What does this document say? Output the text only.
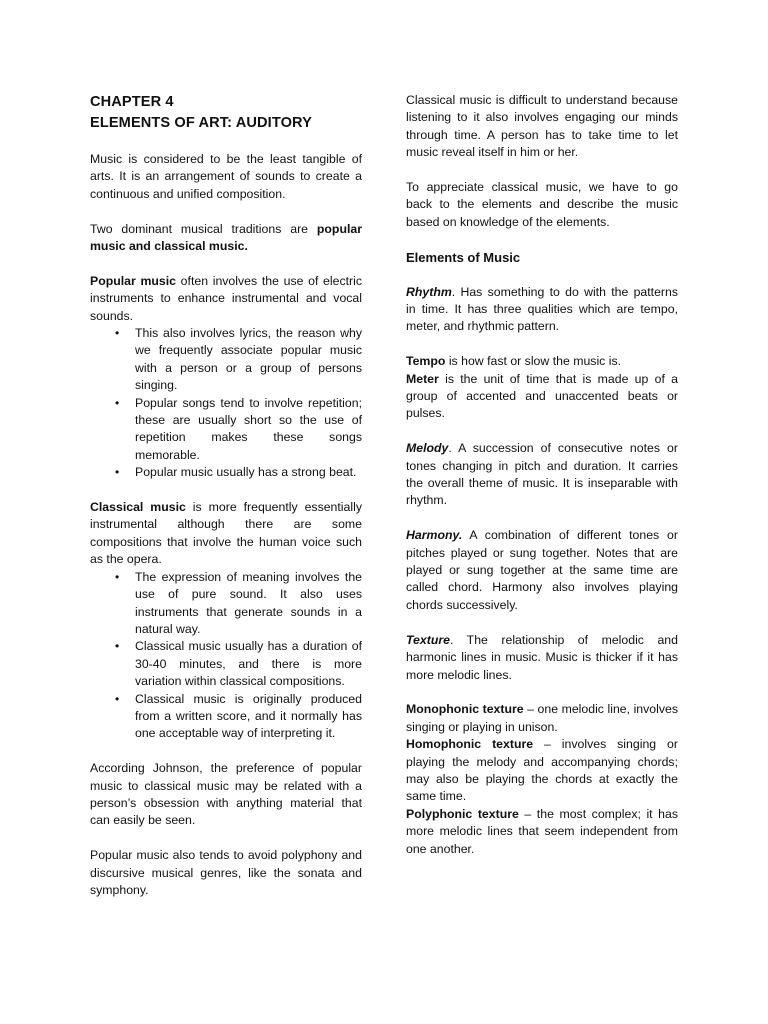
CHAPTER 4
ELEMENTS OF ART: AUDITORY

Music is considered to be the least tangible of arts. It is an arrangement of sounds to create a continuous and unified composition.

Two dominant musical traditions are popular music and classical music.

Popular music often involves the use of electric instruments to enhance instrumental and vocal sounds.

• This also involves lyrics, the reason why we frequently associate popular music with a person or a group of persons singing.
• Popular songs tend to involve repetition; these are usually short so the use of repetition makes these songs memorable.
• Popular music usually has a strong beat.

Classical music is more frequently essentially instrumental although there are some compositions that involve the human voice such as the opera.

• The expression of meaning involves the use of pure sound. It also uses instruments that generate sounds in a natural way.
• Classical music usually has a duration of 30-40 minutes, and there is more variation within classical compositions.
• Classical music is originally produced from a written score, and it normally has one acceptable way of interpreting it.

According Johnson, the preference of popular music to classical music may be related with a person’s obsession with anything material that can easily be seen.

Popular music also tends to avoid polyphony and discursive musical genres, like the sonata and symphony.

Classical music is difficult to understand because listening to it also involves engaging our minds through time. A person has to take time to let music reveal itself in him or her.

To appreciate classical music, we have to go back to the elements and describe the music based on knowledge of the elements.

Elements of Music

Rhythm. Has something to do with the patterns in time. It has three qualities which are tempo, meter, and rhythmic pattern.

Tempo is how fast or slow the music is.

Meter is the unit of time that is made up of a group of accented and unaccented beats or pulses.

Melody. A succession of consecutive notes or tones changing in pitch and duration. It carries the overall theme of music. It is inseparable with rhythm.

Harmony. A combination of different tones or pitches played or sung together. Notes that are played or sung together at the same time are called chord. Harmony also involves playing chords successively.

Texture. The relationship of melodic and harmonic lines in music. Music is thicker if it has more melodic lines.

Monophonic texture – one melodic line, involves singing or playing in unison.

Homophonic texture – involves singing or playing the melody and accompanying chords; may also be playing the chords at exactly the same time.

Polyphonic texture – the most complex; it has more melodic lines that seem independent from one another.
